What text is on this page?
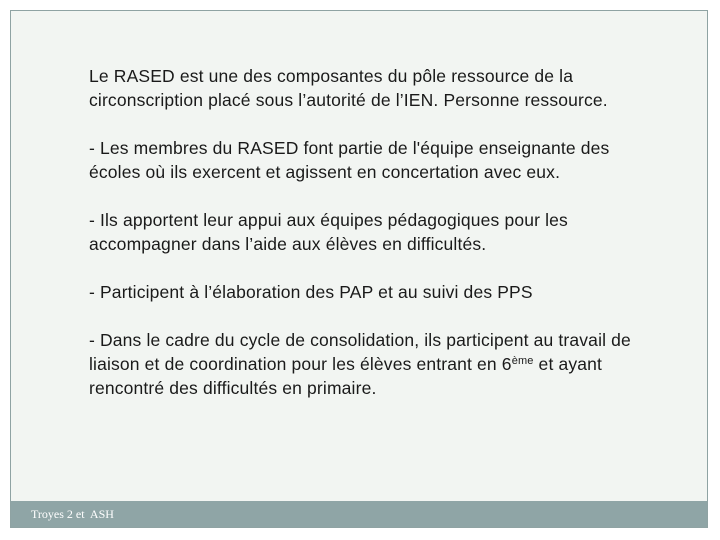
Le RASED est une des composantes du pôle ressource de la circonscription placé sous l’autorité de l’IEN. Personne ressource.

- Les membres du RASED font partie de l'équipe enseignante des écoles où ils exercent et agissent en concertation avec eux.

- Ils apportent leur appui aux équipes pédagogiques pour les accompagner dans l’aide aux élèves en difficultés.

- Participent à l’élaboration des PAP et au suivi des PPS

- Dans le cadre du cycle de consolidation, ils participent au travail de liaison et de coordination pour les élèves entrant en 6ème et ayant rencontré des difficultés en primaire.

Troyes 2 et  ASH
